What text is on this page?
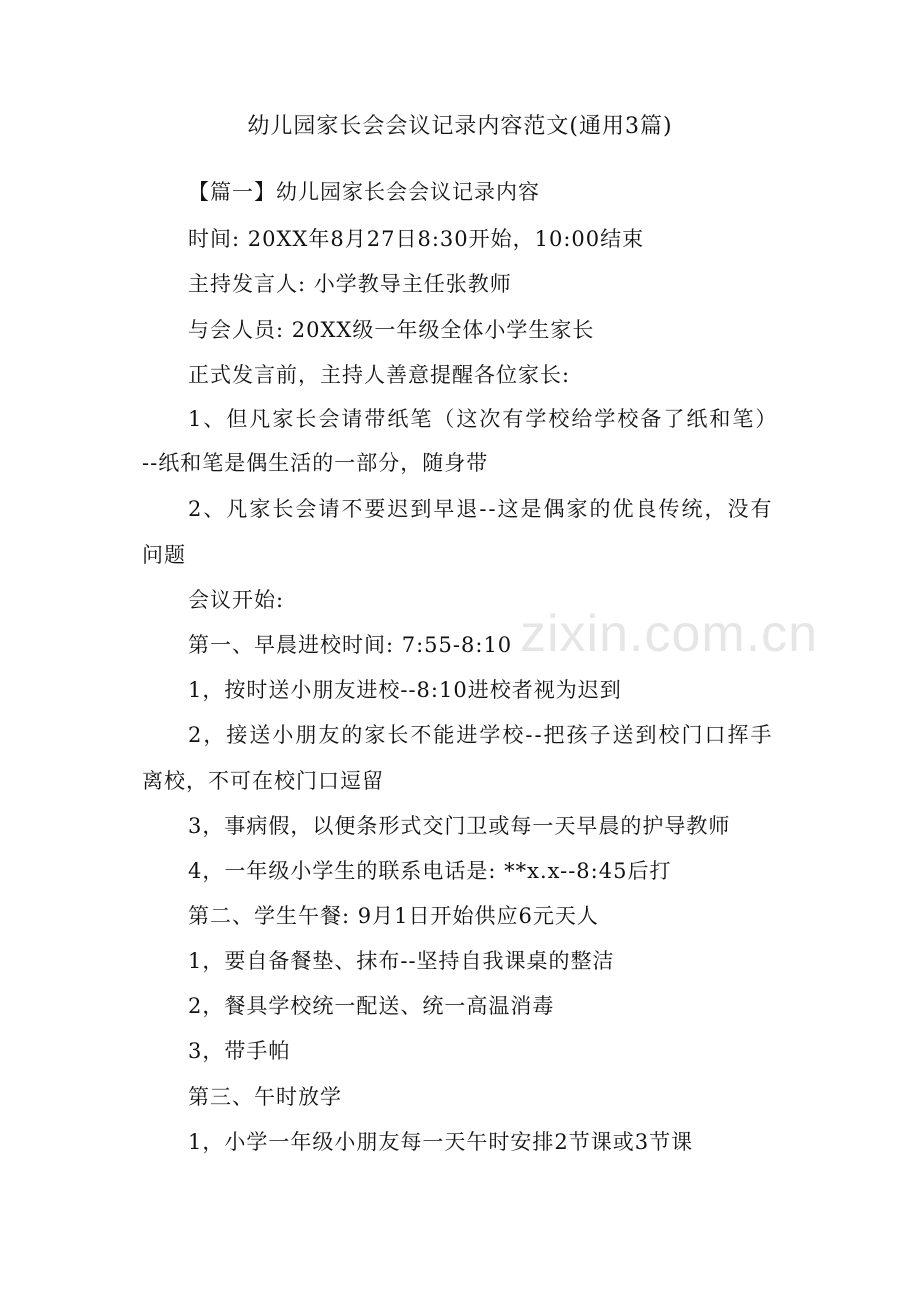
幼儿园家长会会议记录内容范文(通用3篇)
zixin.com.cn

【篇一】幼儿园家长会会议记录内容

时间: 20XX年8月27日8:30开始，10:00结束

主持发言人: 小学教导主任张教师

与会人员: 20XX级一年级全体小学生家长

正式发言前，主持人善意提醒各位家长:

1、但凡家长会请带纸笔（这次有学校给学校备了纸和笔）

--纸和笔是偶生活的一部分，随身带

2、凡家长会请不要迟到早退--这是偶家的优良传统，没有

问题

会议开始:

第一、早晨进校时间: 7:55-8:10

1，按时送小朋友进校--8:10进校者视为迟到

2，接送小朋友的家长不能进学校--把孩子送到校门口挥手

离校，不可在校门口逗留

3，事病假，以便条形式交门卫或每一天早晨的护导教师

4，一年级小学生的联系电话是: **x.x--8:45后打

第二、学生午餐: 9月1日开始供应6元天人

1，要自备餐垫、抹布--坚持自我课桌的整洁

2，餐具学校统一配送、统一高温消毒

3，带手帕

第三、午时放学

1，小学一年级小朋友每一天午时安排2节课或3节课
